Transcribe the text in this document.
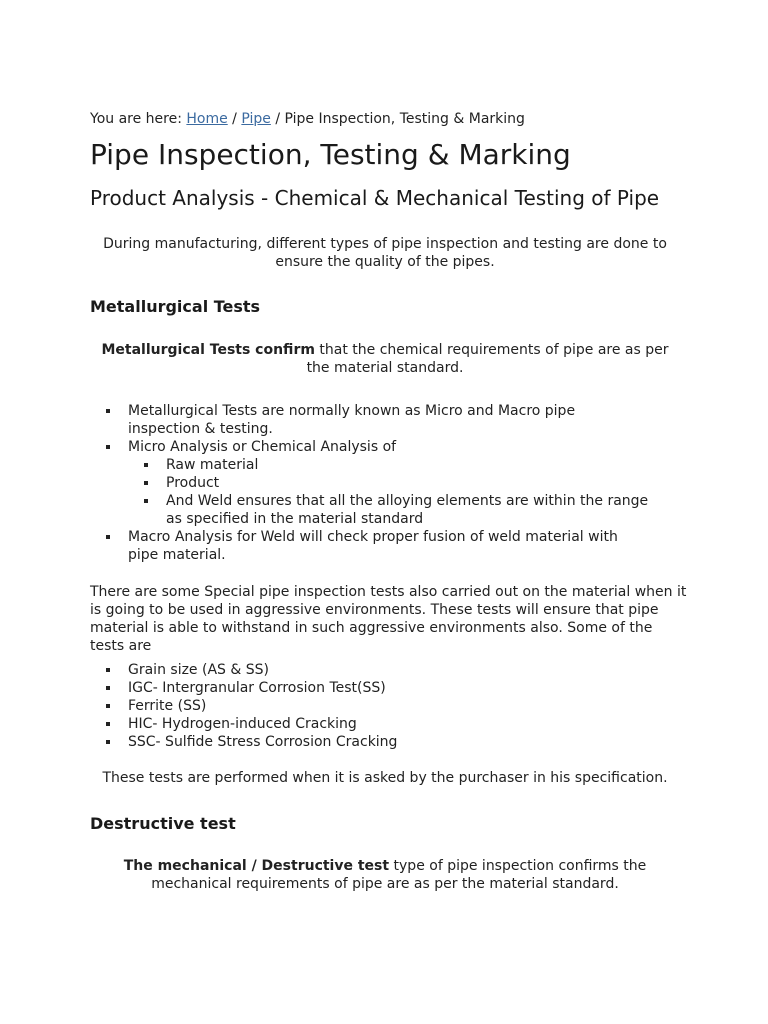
You are here: Home / Pipe / Pipe Inspection, Testing & Marking
Pipe Inspection, Testing & Marking
Product Analysis - Chemical & Mechanical Testing of Pipe
During manufacturing, different types of pipe inspection and testing are done to ensure the quality of the pipes.
Metallurgical Tests
Metallurgical Tests confirm that the chemical requirements of pipe are as per the material standard.
Metallurgical Tests are normally known as Micro and Macro pipe inspection & testing.
Micro Analysis or Chemical Analysis of
Raw material
Product
And Weld ensures that all the alloying elements are within the range as specified in the material standard
Macro Analysis for Weld will check proper fusion of weld material with pipe material.
There are some Special pipe inspection tests also carried out on the material when it is going to be used in aggressive environments. These tests will ensure that pipe material is able to withstand in such aggressive environments also. Some of the tests are
Grain size (AS & SS)
IGC- Intergranular Corrosion Test(SS)
Ferrite (SS)
HIC- Hydrogen-induced Cracking
SSC- Sulfide Stress Corrosion Cracking
These tests are performed when it is asked by the purchaser in his specification.
Destructive test
The mechanical / Destructive test type of pipe inspection confirms the mechanical requirements of pipe are as per the material standard.
